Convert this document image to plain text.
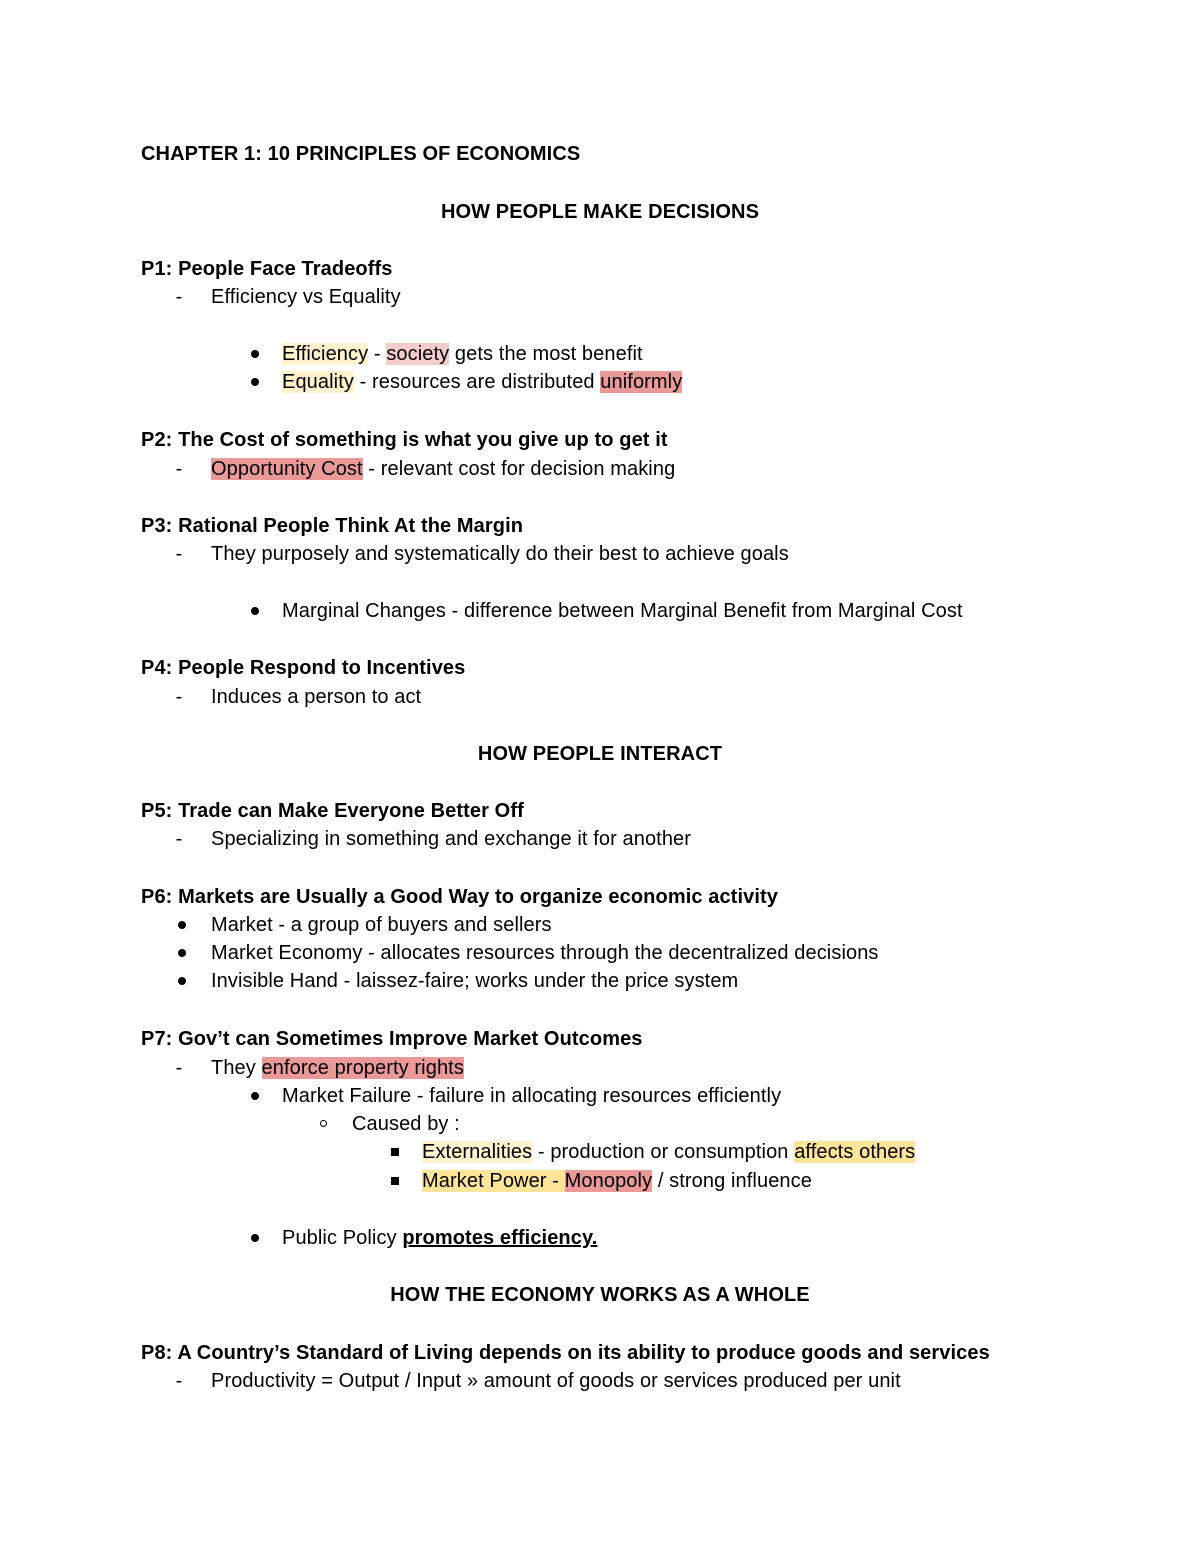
CHAPTER 1: 10 PRINCIPLES OF ECONOMICS
HOW PEOPLE MAKE DECISIONS
P1: People Face Tradeoffs
- Efficiency vs Equality
Efficiency - society gets the most benefit
Equality - resources are distributed uniformly
P2: The Cost of something is what you give up to get it
- Opportunity Cost - relevant cost for decision making
P3: Rational People Think At the Margin
- They purposely and systematically do their best to achieve goals
Marginal Changes - difference between Marginal Benefit from Marginal Cost
P4: People Respond to Incentives
- Induces a person to act
HOW PEOPLE INTERACT
P5: Trade can Make Everyone Better Off
- Specializing in something and exchange it for another
P6: Markets are Usually a Good Way to organize economic activity
Market - a group of buyers and sellers
Market Economy - allocates resources through the decentralized decisions
Invisible Hand - laissez-faire; works under the price system
P7: Gov’t can Sometimes Improve Market Outcomes
- They enforce property rights
Market Failure - failure in allocating resources efficiently
Caused by :
Externalities - production or consumption affects others
Market Power - Monopoly / strong influence
Public Policy promotes efficiency.
HOW THE ECONOMY WORKS AS A WHOLE
P8: A Country’s Standard of Living depends on its ability to produce goods and services
- Productivity = Output / Input » amount of goods or services produced per unit
